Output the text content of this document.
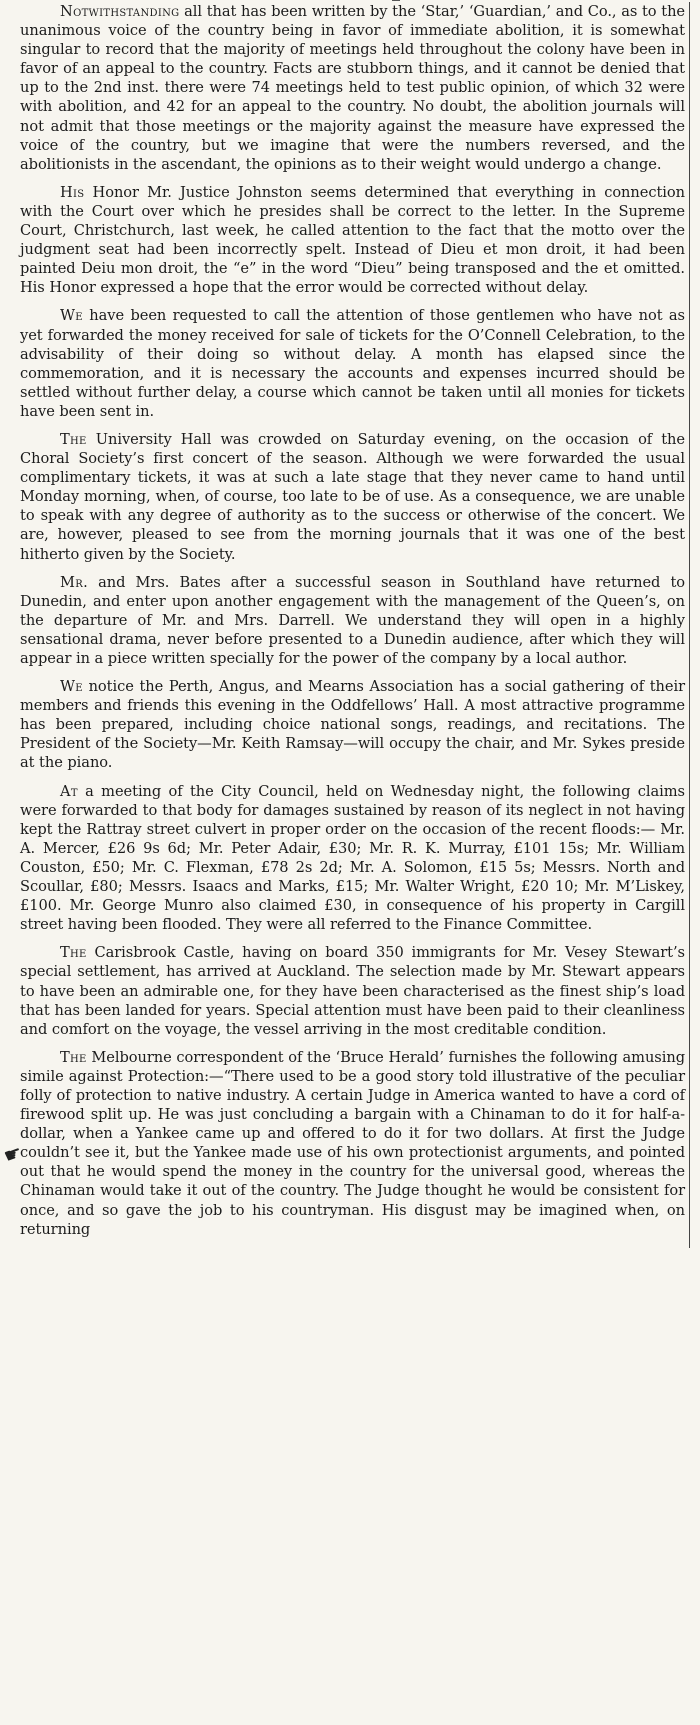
☛

Notwithstanding all that has been written by the ‘Star,’ ‘Guardian,’ and Co., as to the unanimous voice of the country being in favor of immediate abolition, it is somewhat singular to record that the majority of meetings held throughout the colony have been in favor of an appeal to the country. Facts are stubborn things, and it cannot be denied that up to the 2nd inst. there were 74 meetings held to test public opinion, of which 32 were with abolition, and 42 for an appeal to the country. No doubt, the abolition journals will not admit that those meetings or the majority against the measure have expressed the voice of the country, but we imagine that were the numbers reversed, and the abolitionists in the ascendant, the opinions as to their weight would undergo a change.

His Honor Mr. Justice Johnston seems determined that everything in connection with the Court over which he presides shall be correct to the letter. In the Supreme Court, Christchurch, last week, he called attention to the fact that the motto over the judgment seat had been incorrectly spelt. Instead of Dieu et mon droit, it had been painted Deiu mon droit, the “e” in the word “Dieu” being transposed and the et omitted. His Honor expressed a hope that the error would be corrected without delay.

We have been requested to call the attention of those gentlemen who have not as yet forwarded the money received for sale of tickets for the O’Connell Celebration, to the advisability of their doing so without delay. A month has elapsed since the commemoration, and it is necessary the accounts and expenses incurred should be settled without further delay, a course which cannot be taken until all monies for tickets have been sent in.

The University Hall was crowded on Saturday evening, on the occasion of the Choral Society’s first concert of the season. Although we were forwarded the usual complimentary tickets, it was at such a late stage that they never came to hand until Monday morning, when, of course, too late to be of use. As a consequence, we are unable to speak with any degree of authority as to the success or otherwise of the concert. We are, however, pleased to see from the morning journals that it was one of the best hitherto given by the Society.

Mr. and Mrs. Bates after a successful season in Southland have returned to Dunedin, and enter upon another engagement with the management of the Queen’s, on the departure of Mr. and Mrs. Darrell. We understand they will open in a highly sensational drama, never before presented to a Dunedin audience, after which they will appear in a piece written specially for the power of the company by a local author.

We notice the Perth, Angus, and Mearns Association has a social gathering of their members and friends this evening in the Oddfellows’ Hall. A most attractive programme has been prepared, including choice national songs, readings, and recitations. The President of the Society—Mr. Keith Ramsay—will occupy the chair, and Mr. Sykes preside at the piano.

At a meeting of the City Council, held on Wednesday night, the following claims were forwarded to that body for damages sustained by reason of its neglect in not having kept the Rattray street culvert in proper order on the occasion of the recent floods:— Mr. A. Mercer, £26 9s 6d; Mr. Peter Adair, £30; Mr. R. K. Murray, £101 15s; Mr. William Couston, £50; Mr. C. Flexman, £78 2s 2d; Mr. A. Solomon, £15 5s; Messrs. North and Scoullar, £80; Messrs. Isaacs and Marks, £15; Mr. Walter Wright, £20 10; Mr. M’Liskey, £100. Mr. George Munro also claimed £30, in consequence of his property in Cargill street having been flooded. They were all referred to the Finance Committee.

The Carisbrook Castle, having on board 350 immigrants for Mr. Vesey Stewart’s special settlement, has arrived at Auckland. The selection made by Mr. Stewart appears to have been an admirable one, for they have been characterised as the finest ship’s load that has been landed for years. Special attention must have been paid to their cleanliness and comfort on the voyage, the vessel arriving in the most creditable condition.

The Melbourne correspondent of the ‘Bruce Herald’ furnishes the following amusing simile against Protection:—“There used to be a good story told illustrative of the peculiar folly of protection to native industry. A certain Judge in America wanted to have a cord of firewood split up. He was just concluding a bargain with a Chinaman to do it for half-a-dollar, when a Yankee came up and offered to do it for two dollars. At first the Judge couldn’t see it, but the Yankee made use of his own protectionist arguments, and pointed out that he would spend the money in the country for the universal good, whereas the Chinaman would take it out of the country. The Judge thought he would be consistent for once, and so gave the job to his countryman. His disgust may be imagined when, on returning
